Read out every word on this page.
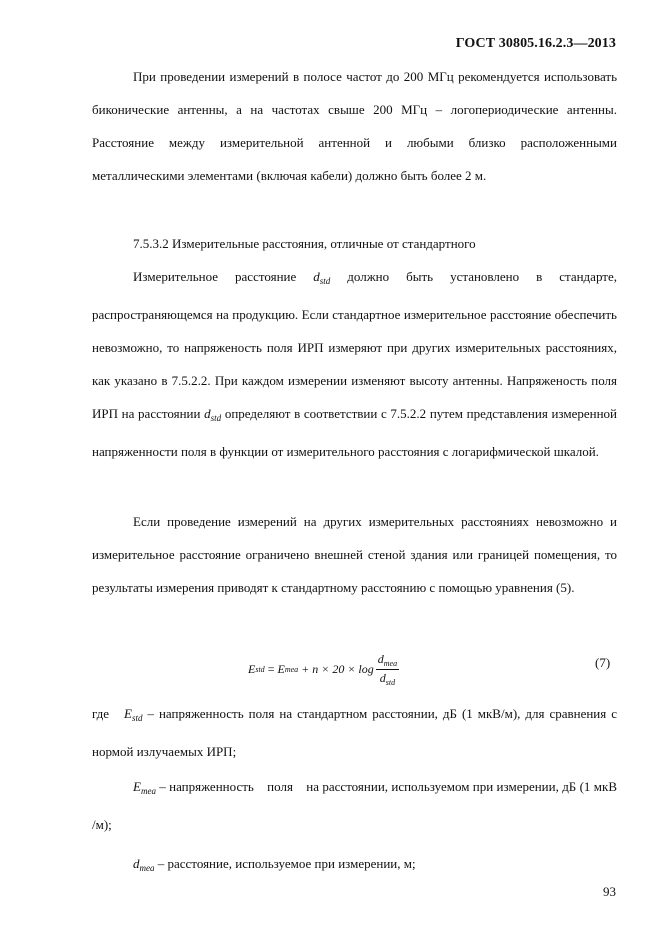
ГОСТ 30805.16.2.3—2013

При проведении измерений в полосе частот до 200 МГц рекомендуется использовать биконические антенны, а на частотах свыше 200 МГц – логопериодические антенны. Расстояние между измерительной антенной и любыми близко расположенными металлическими элементами (включая кабели) должно быть более 2 м.

7.5.3.2 Измерительные расстояния, отличные от стандартного

Измерительное расстояние $d_{std}$ должно быть установлено в стандарте, распространяющемся на продукцию. Если стандартное измерительное расстояние обеспечить невозможно, то напряженость поля ИРП измеряют при других измерительных расстояниях, как указано в 7.5.2.2. При каждом измерении изменяют высоту антенны. Напряженость поля ИРП на расстоянии $d_{std}$ определяют в соответствии с 7.5.2.2 путем представления измеренной напряженности поля в функции от измерительного расстояния с логарифмической шкалой.

Если проведение измерений на других измерительных расстояниях невозможно и измерительное расстояние ограничено внешней стеной здания или границей помещения, то результаты измерения приводят к стандартному расстоянию с помощью уравнения (5).

E std = E mea + $n \times 20 \times \log \frac{d_{mea}}{d_{std}}$	(7)

где   $E_{std}$ – напряженность поля на стандартном расстоянии, дБ (1 мкВ/м), для сравнения с нормой излучаемых ИРП;

$E_{mea}$ – напряженность    поля    на расстоянии, используемом при измерении, дБ (1 мкВ /м);

$d_{mea}$ – расстояние, используемое при измерении, м;

93
